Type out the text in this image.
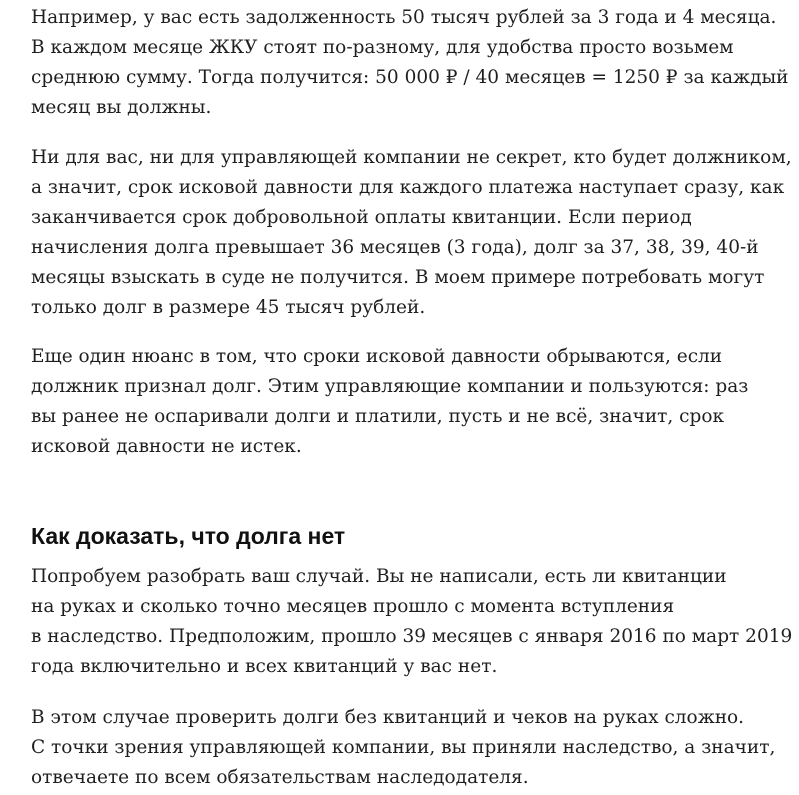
Например, у вас есть задолженность 50 тысяч рублей за 3 года и 4 месяца.
В каждом месяце ЖКУ стоят по-разному, для удобства просто возьмем
среднюю сумму. Тогда получится: 50 000 ₽ / 40 месяцев = 1250 ₽ за каждый
месяц вы должны.

Ни для вас, ни для управляющей компании не секрет, кто будет должником,
а значит, срок исковой давности для каждого платежа наступает сразу, как
заканчивается срок добровольной оплаты квитанции. Если период
начисления долга превышает 36 месяцев (3 года), долг за 37, 38, 39, 40-й
месяцы взыскать в суде не получится. В моем примере потребовать могут
только долг в размере 45 тысяч рублей.

Еще один нюанс в том, что сроки исковой давности обрываются, если
должник признал долг. Этим управляющие компании и пользуются: раз
вы ранее не оспаривали долги и платили, пусть и не всё, значит, срок
исковой давности не истек.

Как доказать, что долга нет

Попробуем разобрать ваш случай. Вы не написали, есть ли квитанции
на руках и сколько точно месяцев прошло с момента вступления
в наследство. Предположим, прошло 39 месяцев с января 2016 по март 2019
года включительно и всех квитанций у вас нет.

В этом случае проверить долги без квитанций и чеков на руках сложно.
С точки зрения управляющей компании, вы приняли наследство, а значит,
отвечаете по всем обязательствам наследодателя.
